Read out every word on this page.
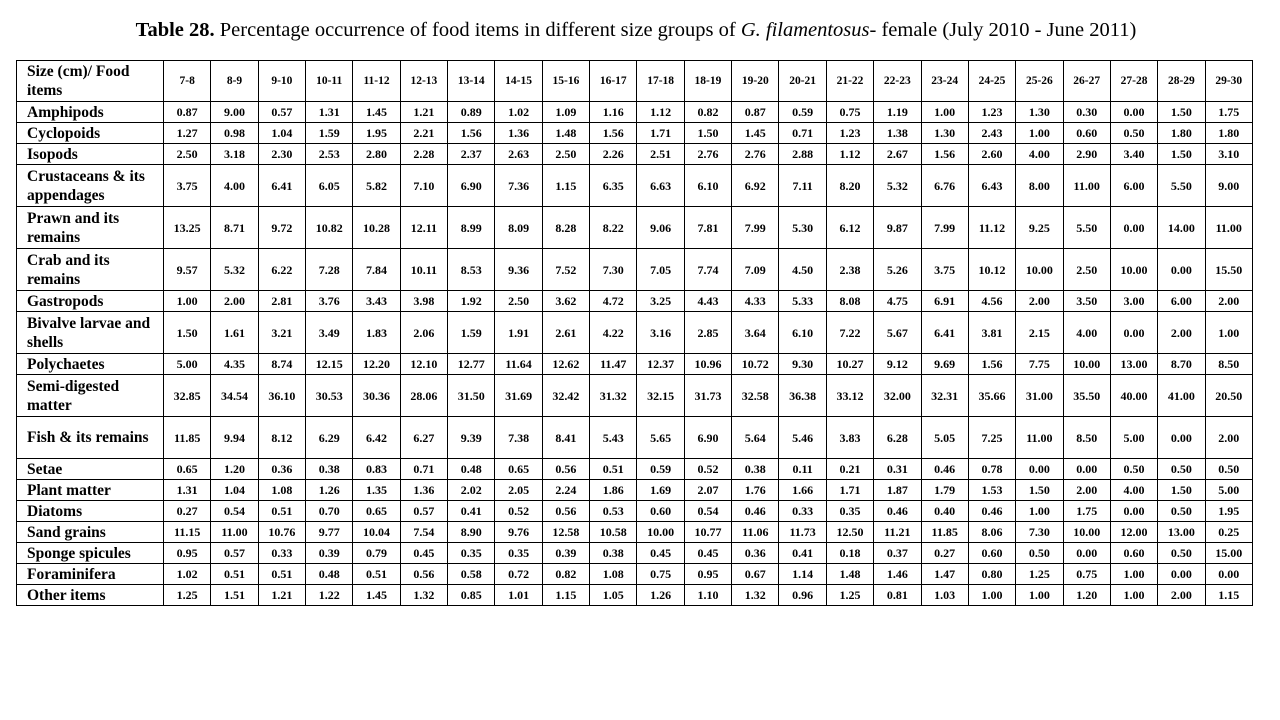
Table 28. Percentage occurrence of food items in different size groups of G. filamentosus- female (July 2010 - June 2011)
Size (cm)/ Food items	7-8	8-9	9-10	10-11	11-12	12-13	13-14	14-15	15-16	16-17	17-18	18-19	19-20	20-21	21-22	22-23	23-24	24-25	25-26	26-27	27-28	28-29	29-30
Amphipods	0.87	9.00	0.57	1.31	1.45	1.21	0.89	1.02	1.09	1.16	1.12	0.82	0.87	0.59	0.75	1.19	1.00	1.23	1.30	0.30	0.00	1.50	1.75
Cyclopoids	1.27	0.98	1.04	1.59	1.95	2.21	1.56	1.36	1.48	1.56	1.71	1.50	1.45	0.71	1.23	1.38	1.30	2.43	1.00	0.60	0.50	1.80	1.80
Isopods	2.50	3.18	2.30	2.53	2.80	2.28	2.37	2.63	2.50	2.26	2.51	2.76	2.76	2.88	1.12	2.67	1.56	2.60	4.00	2.90	3.40	1.50	3.10
Crustaceans & its appendages	3.75	4.00	6.41	6.05	5.82	7.10	6.90	7.36	1.15	6.35	6.63	6.10	6.92	7.11	8.20	5.32	6.76	6.43	8.00	11.00	6.00	5.50	9.00
Prawn and its remains	13.25	8.71	9.72	10.82	10.28	12.11	8.99	8.09	8.28	8.22	9.06	7.81	7.99	5.30	6.12	9.87	7.99	11.12	9.25	5.50	0.00	14.00	11.00
Crab and its remains	9.57	5.32	6.22	7.28	7.84	10.11	8.53	9.36	7.52	7.30	7.05	7.74	7.09	4.50	2.38	5.26	3.75	10.12	10.00	2.50	10.00	0.00	15.50
Gastropods	1.00	2.00	2.81	3.76	3.43	3.98	1.92	2.50	3.62	4.72	3.25	4.43	4.33	5.33	8.08	4.75	6.91	4.56	2.00	3.50	3.00	6.00	2.00
Bivalve larvae and shells	1.50	1.61	3.21	3.49	1.83	2.06	1.59	1.91	2.61	4.22	3.16	2.85	3.64	6.10	7.22	5.67	6.41	3.81	2.15	4.00	0.00	2.00	1.00
Polychaetes	5.00	4.35	8.74	12.15	12.20	12.10	12.77	11.64	12.62	11.47	12.37	10.96	10.72	9.30	10.27	9.12	9.69	1.56	7.75	10.00	13.00	8.70	8.50
Semi-digested matter	32.85	34.54	36.10	30.53	30.36	28.06	31.50	31.69	32.42	31.32	32.15	31.73	32.58	36.38	33.12	32.00	32.31	35.66	31.00	35.50	40.00	41.00	20.50
Fish & its remains	11.85	9.94	8.12	6.29	6.42	6.27	9.39	7.38	8.41	5.43	5.65	6.90	5.64	5.46	3.83	6.28	5.05	7.25	11.00	8.50	5.00	0.00	2.00
Setae	0.65	1.20	0.36	0.38	0.83	0.71	0.48	0.65	0.56	0.51	0.59	0.52	0.38	0.11	0.21	0.31	0.46	0.78	0.00	0.00	0.50	0.50	0.50
Plant matter	1.31	1.04	1.08	1.26	1.35	1.36	2.02	2.05	2.24	1.86	1.69	2.07	1.76	1.66	1.71	1.87	1.79	1.53	1.50	2.00	4.00	1.50	5.00
Diatoms	0.27	0.54	0.51	0.70	0.65	0.57	0.41	0.52	0.56	0.53	0.60	0.54	0.46	0.33	0.35	0.46	0.40	0.46	1.00	1.75	0.00	0.50	1.95
Sand grains	11.15	11.00	10.76	9.77	10.04	7.54	8.90	9.76	12.58	10.58	10.00	10.77	11.06	11.73	12.50	11.21	11.85	8.06	7.30	10.00	12.00	13.00	0.25
Sponge spicules	0.95	0.57	0.33	0.39	0.79	0.45	0.35	0.35	0.39	0.38	0.45	0.45	0.36	0.41	0.18	0.37	0.27	0.60	0.50	0.00	0.60	0.50	15.00
Foraminifera	1.02	0.51	0.51	0.48	0.51	0.56	0.58	0.72	0.82	1.08	0.75	0.95	0.67	1.14	1.48	1.46	1.47	0.80	1.25	0.75	1.00	0.00	0.00
Other items	1.25	1.51	1.21	1.22	1.45	1.32	0.85	1.01	1.15	1.05	1.26	1.10	1.32	0.96	1.25	0.81	1.03	1.00	1.00	1.20	1.00	2.00	1.15
